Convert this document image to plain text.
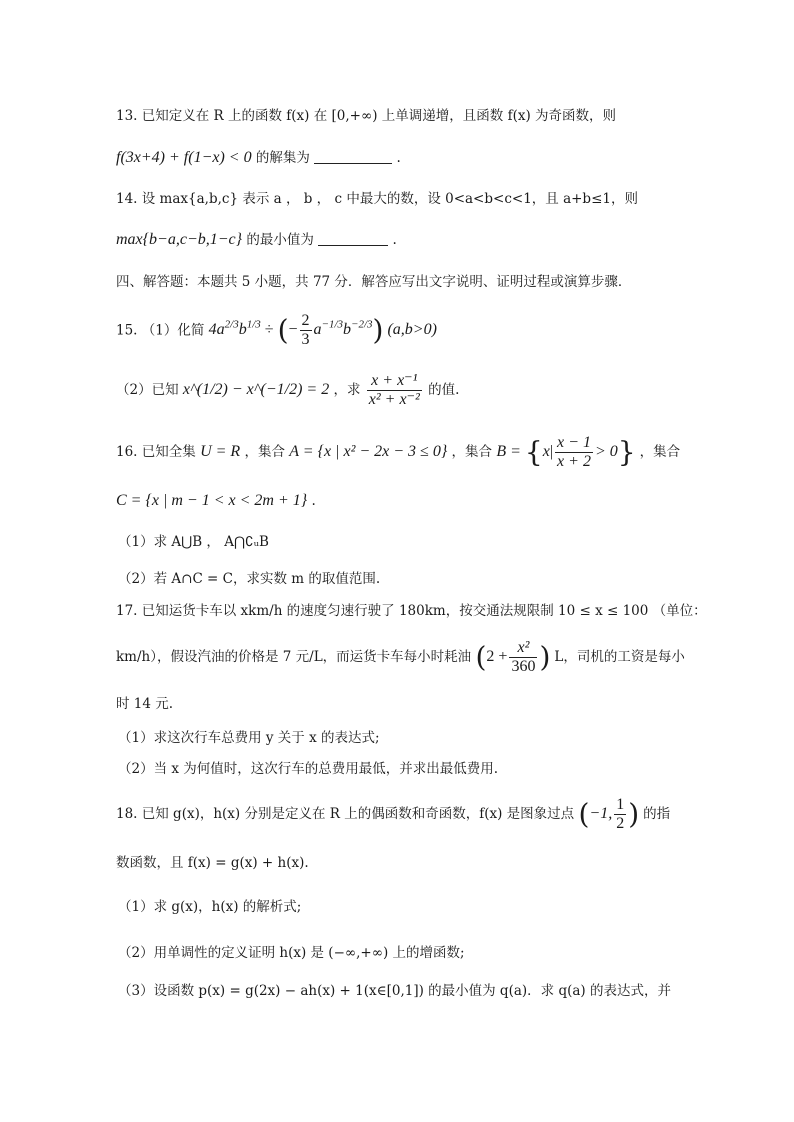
13. 已知定义在 R 上的函数 f(x) 在 [0,+∞) 上单调递增，且函数 f(x) 为奇函数，则
f(3x+4) + f(1−x) < 0 的解集为	.
14. 设 max{a,b,c} 表示 a ， b ， c 中最大的数，设 0<a<b<c<1，且 a+b≤1，则
max{b−a,c−b,1−c} 的最小值为	.
四、解答题：本题共 5 小题，共 77 分．解答应写出文字说明、证明过程或演算步骤．
15. （1）化简 $4a^{2/3}b^{1/3}$ ÷ (− $\frac{2}{3} a^{-1/3}b^{-2/3}$) (a,b>0)
（2）已知 x^(1/2) − x^(−1/2) = 2 ，求 $\frac{\text{x + x⁻¹}}{\text{x² + x⁻²}}$ 的值.
16. 已知全集 U = R ，集合 A = {x | x² − 2x − 3 ≤ 0} ，集合 $B = \{x| \frac{x - 1}{x + 2} > 0\}$ ，集合
C = {x | m − 1 < x < 2m + 1} .
（1）求 A⋃B ， A⋂∁ᵤB
（2）若 A∩C = C，求实数 m 的取值范围.
17. 已知运货卡车以 xkm/h 的速度匀速行驶了 180km，按交通法规限制 10 ≤ x ≤ 100 （单位：
km/h），假设汽油的价格是 7 元/L，而运货卡车每小时耗油 ($2 + \frac{\text{x²}}{360}$ ) L，司机的工资是每小
时 14 元.
（1）求这次行车总费用 y 关于 x 的表达式;
（2）当 x 为何值时，这次行车的总费用最低，并求出最低费用.
18. 已知 g(x)，h(x) 分别是定义在 R 上的偶函数和奇函数，f(x) 是图象过点 (−1, $\frac{1}{2}$ ) 的指
数函数，且 f(x) = g(x) + h(x).
（1）求 g(x)，h(x) 的解析式;
（2）用单调性的定义证明 h(x) 是 (−∞,+∞) 上的增函数;
（3）设函数 p(x) = g(2x) − ah(x) + 1(x∈[0,1]) 的最小值为 q(a)．求 q(a) 的表达式，并
